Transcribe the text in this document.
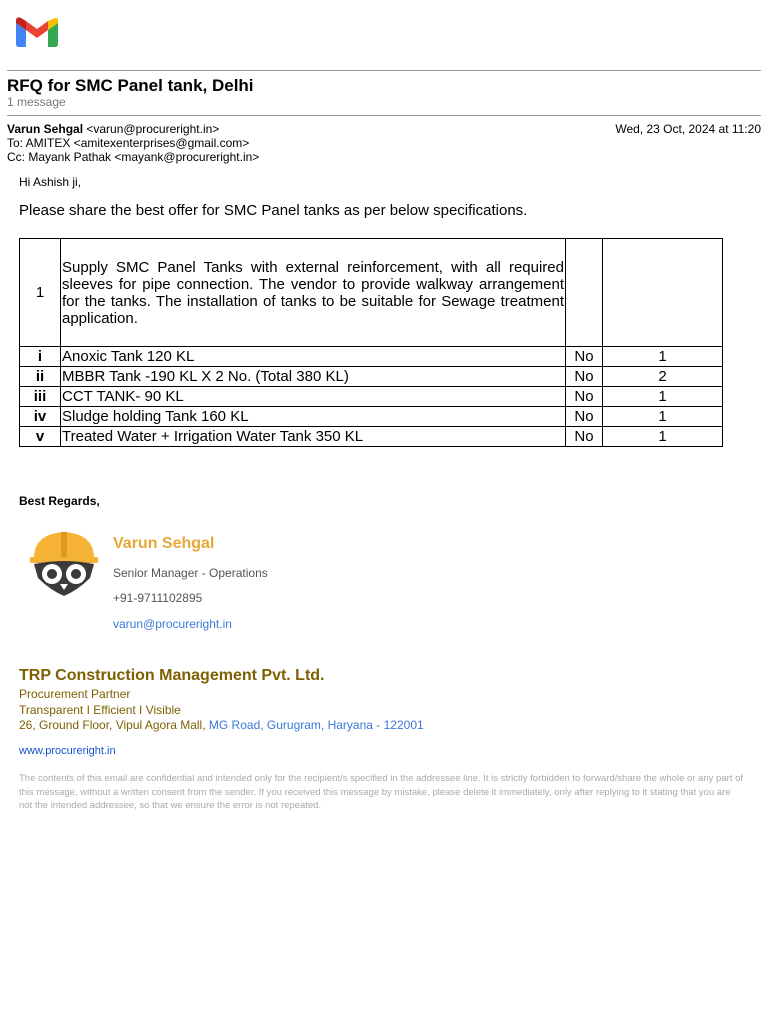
RFQ for SMC Panel tank, Delhi
1 message
Varun Sehgal <varun@procureright.in>	Wed, 23 Oct, 2024 at 11:20
To: AMITEX <amitexenterprises@gmail.com>
Cc: Mayank Pathak <mayank@procureright.in>
Hi Ashish ji,
Please share the best offer for SMC Panel tanks as per below specifications.
1	Supply SMC Panel Tanks with external reinforcement, with all required sleeves for pipe connection. The vendor to provide walkway arrangement for the tanks. The installation of tanks to be suitable for Sewage treatment application.		
i	Anoxic Tank 120 KL	No	1
ii	MBBR Tank -190 KL X 2 No. (Total 380 KL)	No	2
iii	CCT TANK- 90 KL	No	1
iv	Sludge holding Tank 160 KL	No	1
v	Treated Water + Irrigation Water Tank 350 KL	No	1
Best Regards,
Varun Sehgal
Senior Manager - Operations
+91-9711102895
varun@procureright.in
TRP Construction Management Pvt. Ltd.
Procurement Partner
Transparent I Efficient I Visible
26, Ground Floor, Vipul Agora Mall, MG Road, Gurugram, Haryana - 122001
www.procureright.in
The contents of this email are confidential and intended only for the recipient/s specified in the addressee line. It is strictly forbidden to forward/share the whole or any part of this message, without a written consent from the sender. If you received this message by mistake, please delete it immediately, only after replying to it stating that you are not the intended addressee, so that we ensure the error is not repeated.
